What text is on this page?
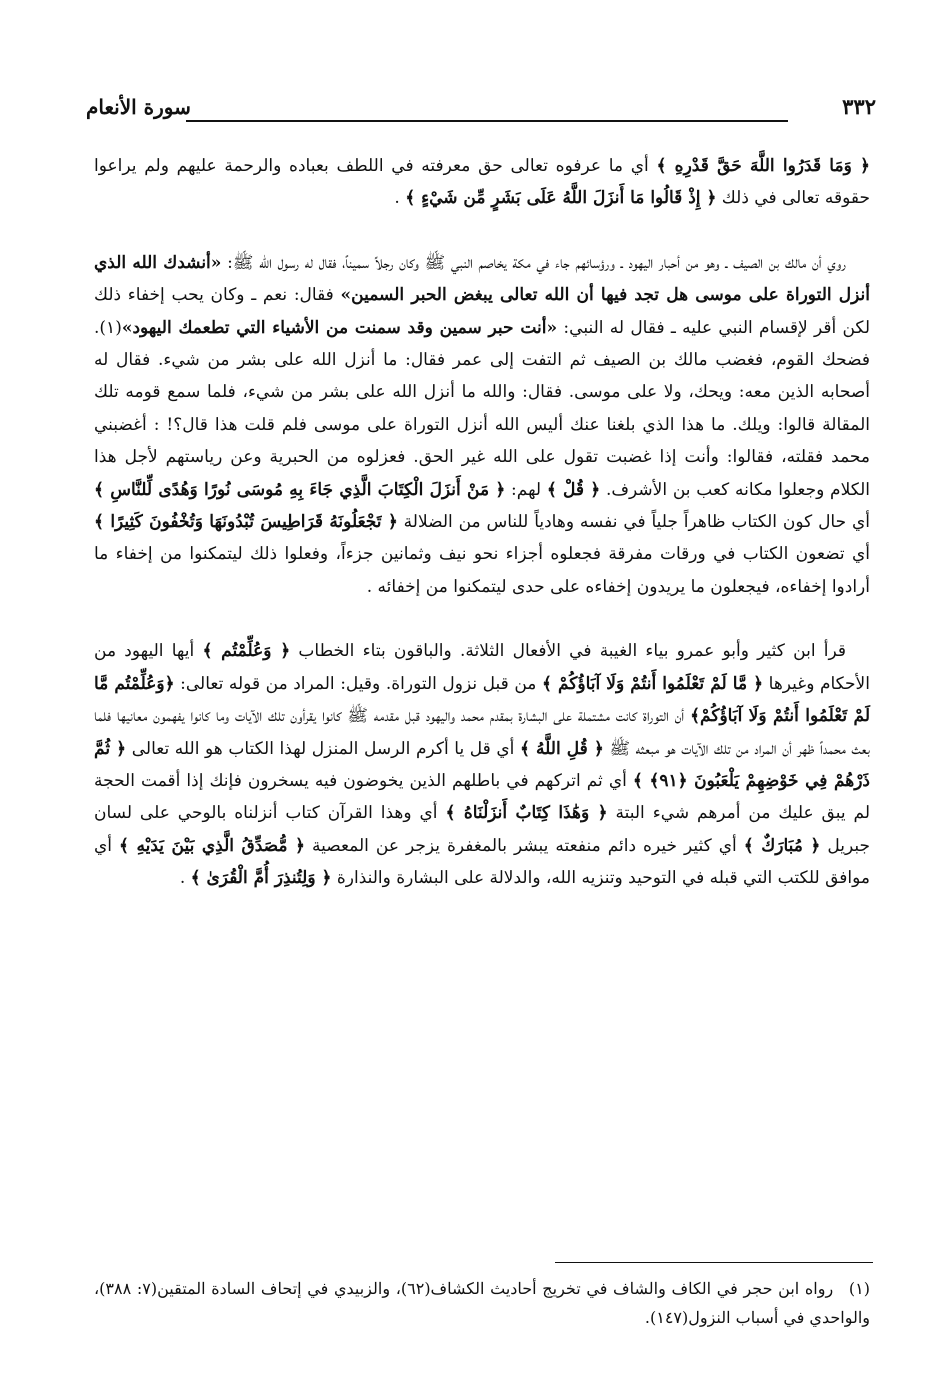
٣٣٢
سورة الأنعام

﴿ وَمَا قَدَرُوا اللَّهَ حَقَّ قَدْرِهِ ﴾ أي ما عرفوه تعالى حق معرفته في اللطف بعباده والرحمة عليهم ولم يراعوا حقوقه تعالى في ذلك ﴿ إِذْ قَالُوا مَا أَنزَلَ اللَّهُ عَلَى بَشَرٍ مِّن شَيْءٍ ﴾ .

روي أن مالك بن الصيف ـ وهو من أحبار اليهود ـ ورؤسائهم جاء في مكة يخاصم النبي ﷺ وكان رجلاً سميناً، فقال له رسول الله ﷺ: «أنشدك الله الذي أنزل التوراة على موسى هل تجد فيها أن الله تعالى يبغض الحبر السمين» فقال: نعم ـ وكان يحب إخفاء ذلك لكن أقر لإقسام النبي عليه ـ فقال له النبي: «أنت حبر سمين وقد سمنت من الأشياء التي تطعمك اليهود»(١). فضحك القوم، فغضب مالك بن الصيف ثم التفت إلى عمر فقال: ما أنزل الله على بشر من شيء. فقال له أصحابه الذين معه: ويحك، ولا على موسى. فقال: والله ما أنزل الله على بشر من شيء، فلما سمع قومه تلك المقالة قالوا: ويلك. ما هذا الذي بلغنا عنك أليس الله أنزل التوراة على موسى فلم قلت هذا قال؟! : أغضبني محمد فقلته، فقالوا: وأنت إذا غضبت تقول على الله غير الحق. فعزلوه من الحبرية وعن رياستهم لأجل هذا الكلام وجعلوا مكانه كعب بن الأشرف. ﴿ قُلْ ﴾ لهم: ﴿ مَنْ أَنزَلَ الْكِتَابَ الَّذِي جَاءَ بِهِ مُوسَى نُورًا وَهُدًى لِّلنَّاسِ ﴾ أي حال كون الكتاب ظاهراً جلياً في نفسه وهادياً للناس من الضلالة ﴿ تَجْعَلُونَهُ قَرَاطِيسَ تُبْدُونَهَا وَتُخْفُونَ كَثِيرًا ﴾ أي تضعون الكتاب في ورقات مفرقة فجعلوه أجزاء نحو نيف وثمانين جزءاً، وفعلوا ذلك ليتمكنوا من إخفاء ما أرادوا إخفاءه، فيجعلون ما يريدون إخفاءه على حدى ليتمكنوا من إخفائه .

قرأ ابن كثير وأبو عمرو بياء الغيبة في الأفعال الثلاثة. والباقون بتاء الخطاب ﴿ وَعُلِّمْتُم ﴾ أيها اليهود من الأحكام وغيرها ﴿ مَّا لَمْ تَعْلَمُوا أَنتُمْ وَلَا آبَاؤُكُمْ ﴾ من قبل نزول التوراة. وقيل: المراد من قوله تعالى: ﴿وَعُلِّمْتُم مَّا لَمْ تَعْلَمُوا أَنتُمْ وَلَا آبَاؤُكُمْ﴾ أن التوراة كانت مشتملة على البشارة بمقدم محمد واليهود قبل مقدمه ﷺ كانوا يقرأون تلك الآيات وما كانوا يفهمون معانيها فلما بعث محمداً ظهر أن المراد من تلك الآيات هو مبعثه ﷺ ﴿ قُلِ اللَّهُ ﴾ أي قل يا أكرم الرسل المنزل لهذا الكتاب هو الله تعالى ﴿ ثُمَّ ذَرْهُمْ فِي خَوْضِهِمْ يَلْعَبُونَ ﴿٩١﴾ ﴾ أي ثم اتركهم في باطلهم الذين يخوضون فيه يسخرون فإنك إذا أقمت الحجة لم يبق عليك من أمرهم شيء البتة ﴿ وَهَٰذَا كِتَابٌ أَنزَلْنَاهُ ﴾ أي وهذا القرآن كتاب أنزلناه بالوحي على لسان جبريل ﴿ مُبَارَكٌ ﴾ أي كثير خيره دائم منفعته يبشر بالمغفرة يزجر عن المعصية ﴿ مُّصَدِّقُ الَّذِي بَيْنَ يَدَيْهِ ﴾ أي موافق للكتب التي قبله في التوحيد وتنزيه الله، والدلالة على البشارة والنذارة ﴿ وَلِتُنذِرَ أُمَّ الْقُرَىٰ ﴾ .

(١) رواه ابن حجر في الكاف والشاف في تخريج أحاديث الكشاف(٦٢)، والزبيدي في إتحاف السادة المتقين(٧: ٣٨٨)، والواحدي في أسباب النزول(١٤٧).
